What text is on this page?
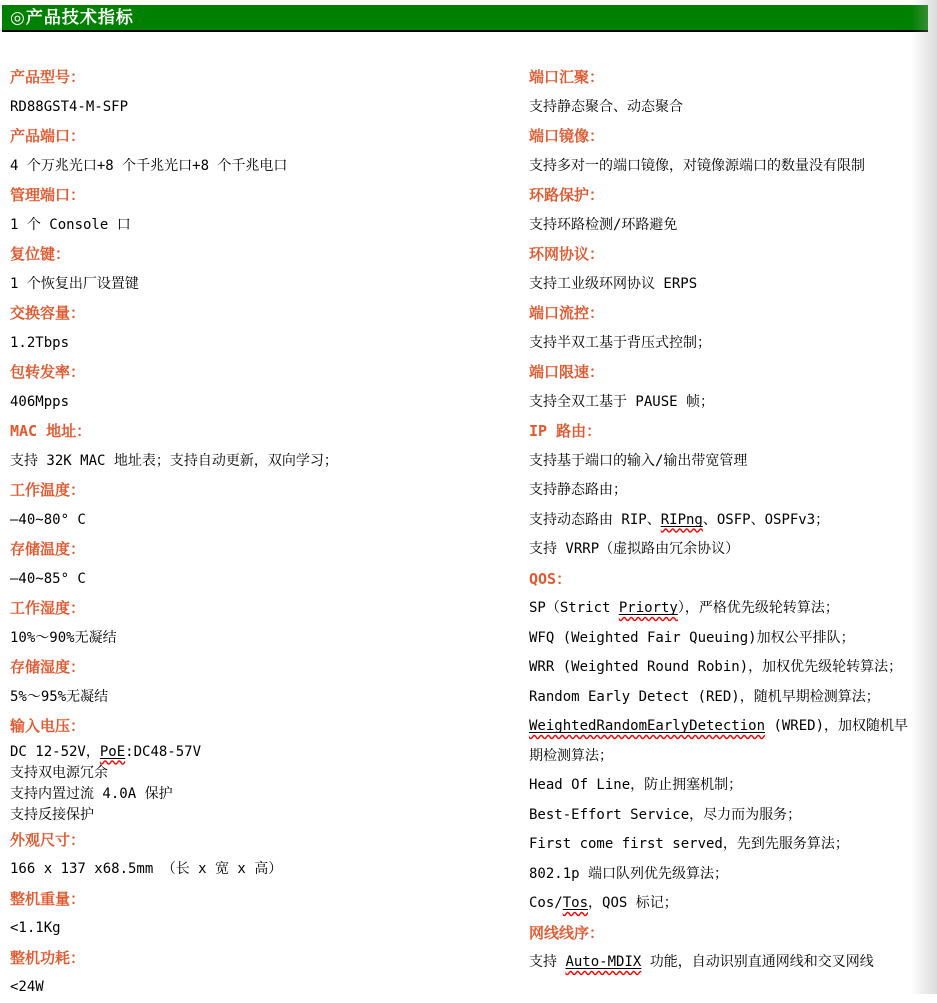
◎产品技术指标
产品型号：
RD88GST4-M-SFP
产品端口：
4 个万兆光口+8 个千兆光口+8 个千兆电口
管理端口：
1 个 Console 口
复位键：
1 个恢复出厂设置键
交换容量：
1.2Tbps
包转发率：
406Mpps
MAC 地址：
支持 32K MAC 地址表；支持自动更新，双向学习；
工作温度：
—40~80° C
存储温度：
—40~85° C
工作湿度：
10%～90%无凝结
存储湿度：
5%～95%无凝结
输入电压：
DC 12-52V，PoE:DC48-57V
支持双电源冗余
支持内置过流 4.0A 保护
支持反接保护
外观尺寸：
166 x 137 x68.5mm （长 x 宽 x 高）
整机重量：
<1.1Kg
整机功耗：
<24W
端口汇聚：
支持静态聚合、动态聚合
端口镜像：
支持多对一的端口镜像，对镜像源端口的数量没有限制
环路保护：
支持环路检测/环路避免
环网协议：
支持工业级环网协议 ERPS
端口流控：
支持半双工基于背压式控制；
端口限速：
支持全双工基于 PAUSE 帧；
IP 路由：
支持基于端口的输入/输出带宽管理
支持静态路由；
支持动态路由 RIP、RIPng、OSFP、OSPFv3；
支持 VRRP（虚拟路由冗余协议）
QOS：
SP（Strict Priorty），严格优先级轮转算法；
WFQ (Weighted Fair Queuing)加权公平排队；
WRR (Weighted Round Robin)，加权优先级轮转算法；
Random Early Detect (RED)，随机早期检测算法；
WeightedRandomEarlyDetection (WRED)，加权随机早期检测算法；
Head Of Line，防止拥塞机制；
Best-Effort Service，尽力而为服务；
First come first served，先到先服务算法；
802.1p 端口队列优先级算法；
Cos/Tos，QOS 标记；
网线线序：
支持 Auto-MDIX 功能，自动识别直通网线和交叉网线
